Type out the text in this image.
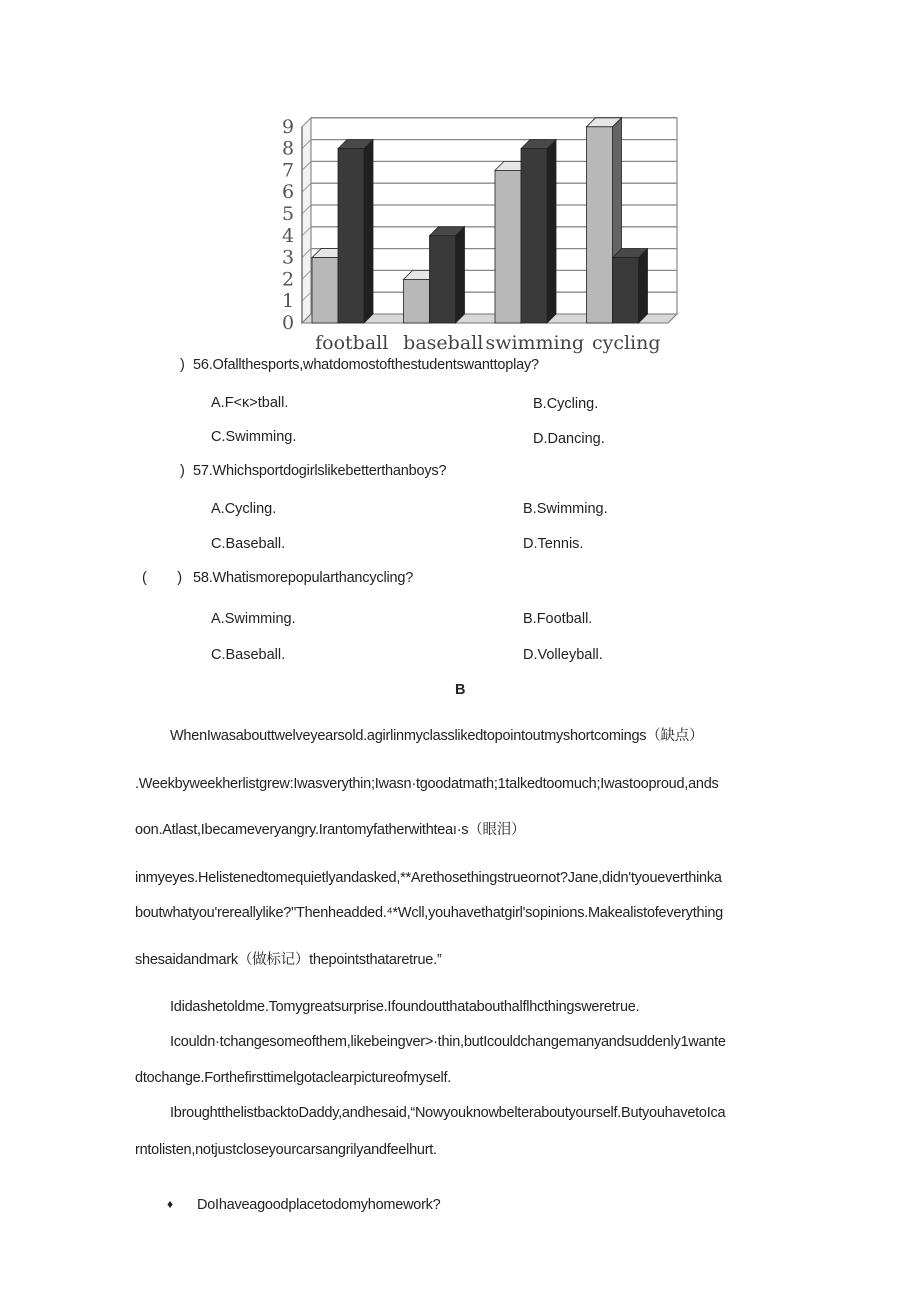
0
1
2
3
4
5
6
7
8
9
football baseball swimming cycling
) 56.Ofallthesports,whatdomostofthestudentswanttoplay?
A.F<κ>tball.	B.Cycling.
C.Swimming.	D.Dancing.
) 57.Whichsportdogirlslikebetterthanboys?
A.Cycling.	B.Swimming.
C.Baseball.	D.Tennis.
(        ) 58.Whatismorepopularthancycling?
A.Swimming.	B.Football.
C.Baseball.	D.Volleyball.
B
WhenIwasabouttwelveyearsold.agirlinmyclasslikedtopointoutmyshortcomings（缺点）
.Weekbyweekherlistgrew:Iwasverythin;Iwasn·tgoodatmath;1talkedtoomuch;Iwastooproud,ands
oon.Atlast,Ibecameveryangry.Irantomyfatherwithteaı·s（眼泪）
inmyeyes.Helistenedtomequietlyandasked,**Arethosethingstrueornot?Jane,didn'tyoueverthinka
boutwhatyou'rereallylike?"Thenheadded.⁴*Wcll,youhavethatgirl'sopinions.Makealistofeverything
shesaidandmark（做标记）thepointsthataretrue.”
Ididashetoldme.Tomygreatsurprise.Ifoundoutthatabouthalflhcthingsweretrue.
Icouldn·tchangesomeofthem,likebeingver>·thin,butIcouldchangemanyandsuddenly1wante
dtochange.Forthefirsttimelgotaclearpictureofmyself.
IbroughtthelistbacktoDaddy,andhesaid,“Nowyouknowbelteraboutyourself.ButyouhavetoIca
rntolisten,notjustcloseyourcarsangrilyandfeelhurt.
♦ DoIhaveagoodplacetodomyhomework?
